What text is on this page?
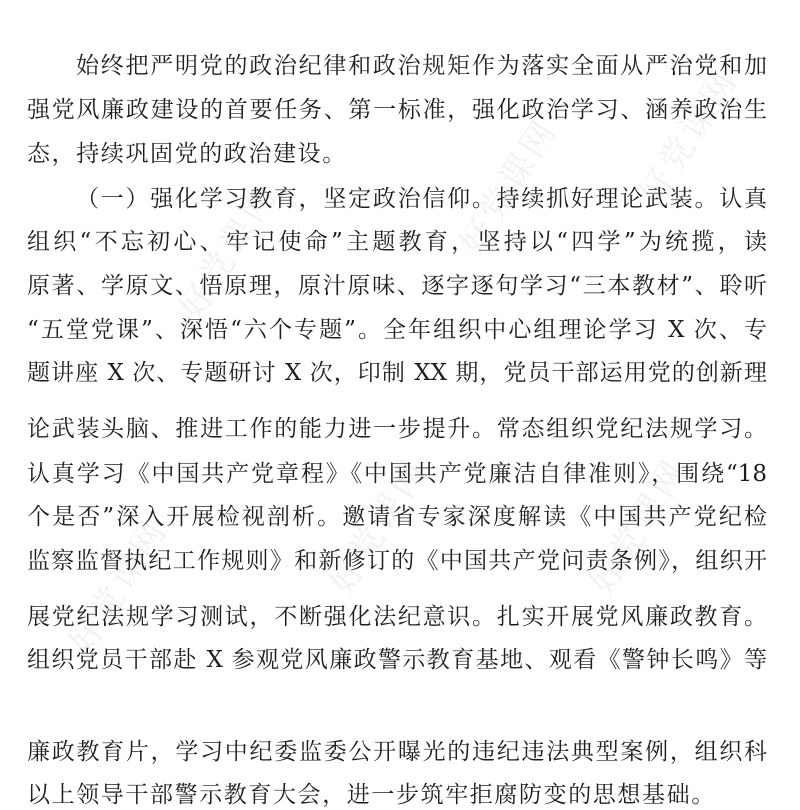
好党课网	好党课网 好党课网
好党课网	好党课网	好党课网
始终把严明党的政治纪律和政治规矩作为落实全面从严治党和加
强党风廉政建设的首要任务、第一标准，强化政治学习、涵养政治生
态，持续巩固党的政治建设。
（一）强化学习教育，坚定政治信仰。持续抓好理论武装。认真
组织“不忘初心、牢记使命”主题教育，坚持以“四学”为统揽，读
原著、学原文、悟原理，原汁原味、逐字逐句学习“三本教材”、聆听
“五堂党课”、深悟“六个专题”。全年组织中心组理论学习 X 次、专
题讲座 X 次、专题研讨 X 次，印制 XX 期，党员干部运用党的创新理
论武装头脑、推进工作的能力进一步提升。常态组织党纪法规学习。
认真学习《中国共产党章程》《中国共产党廉洁自律准则》，围绕“18
个是否”深入开展检视剖析。邀请省专家深度解读《中国共产党纪检
监察监督执纪工作规则》和新修订的《中国共产党问责条例》，组织开
展党纪法规学习测试，不断强化法纪意识。扎实开展党风廉政教育。
组织党员干部赴 X 参观党风廉政警示教育基地、观看《警钟长鸣》等
廉政教育片，学习中纪委监委公开曝光的违纪违法典型案例，组织科
以上领导干部警示教育大会，进一步筑牢拒腐防变的思想基础。
